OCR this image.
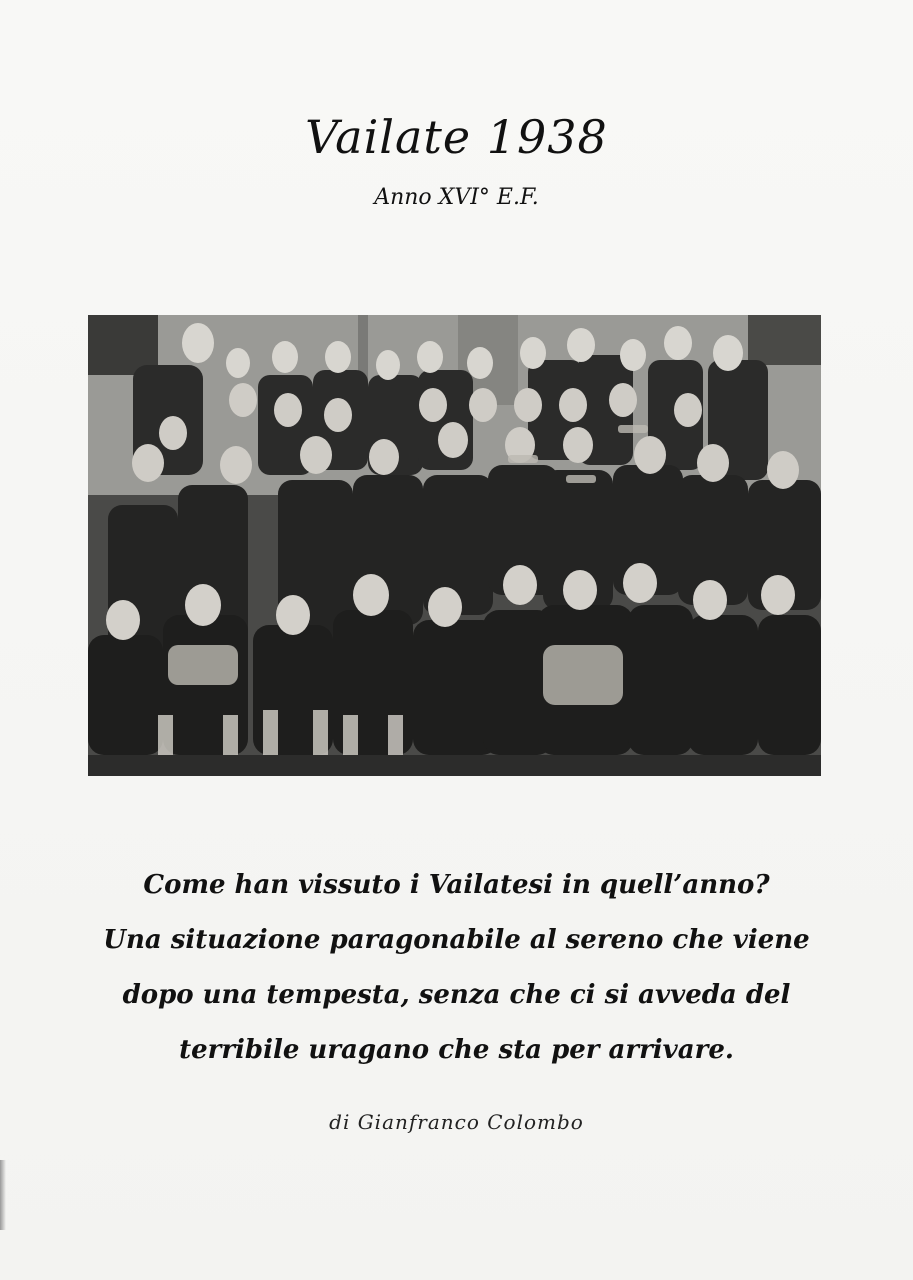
Vailate 1938
Anno XVI° E.F.

Come han vissuto i Vailatesi in quell’anno?

Una situazione paragonabile al sereno che viene dopo una tempesta, senza che ci si avveda del terribile uragano che sta per arrivare.

di Gianfranco Colombo
